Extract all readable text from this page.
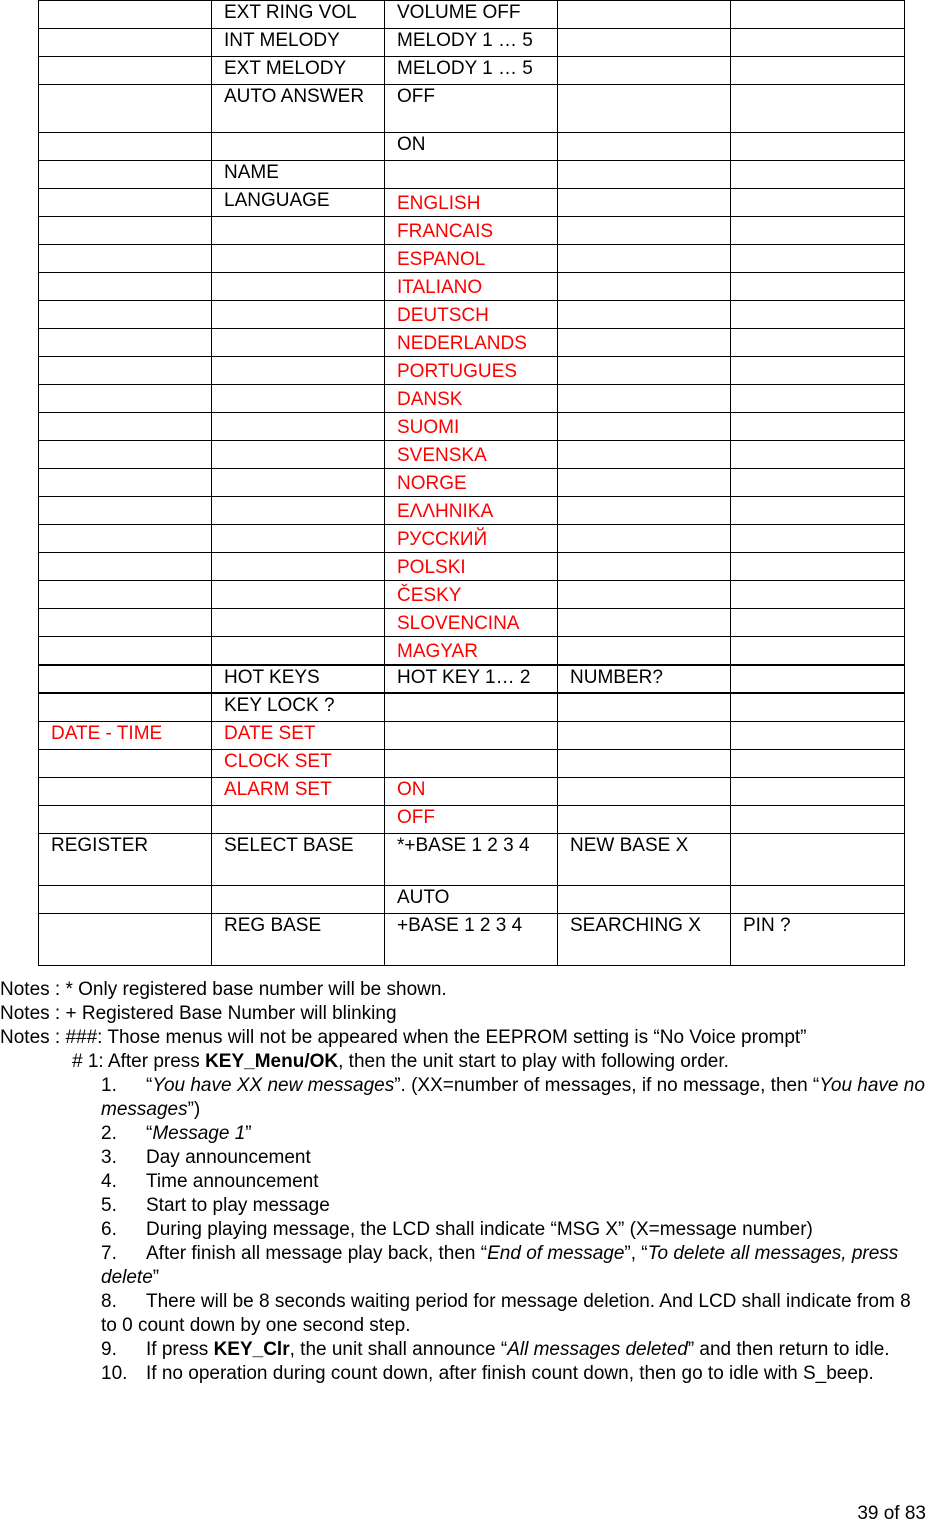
	EXT RING VOL	VOLUME OFF		
	INT MELODY	MELODY 1 … 5		
	EXT MELODY	MELODY 1 … 5		
	AUTO ANSWER	OFF		
		ON		
	NAME			
	LANGUAGE	ENGLISH		
		FRANCAIS		
		ESPANOL		
		ITALIANO		
		DEUTSCH		
		NEDERLANDS		
		PORTUGUES		
		DANSK		
		SUOMI		
		SVENSKA		
		NORGE		
		ΕΛΛΗΝΙΚΑ		
		РУССКИЙ		
		POLSKI		
		ČESKY		
		SLOVENCINA		
		MAGYAR		
	HOT KEYS	HOT KEY 1… 2	NUMBER?	
	KEY LOCK ?			
DATE - TIME	DATE SET			
	CLOCK SET			
	ALARM SET	ON		
		OFF		
REGISTER	SELECT BASE	*+BASE 1 2 3 4	NEW BASE X	
		AUTO		
	REG BASE	+BASE 1 2 3 4	SEARCHING X	PIN ?
Notes : * Only registered base number will be shown.
Notes : + Registered Base Number will blinking
Notes : ###: Those menus will not be appeared when the EEPROM setting is “No Voice prompt”
# 1: After press KEY_Menu/OK, then the unit start to play with following order.
1. “You have XX new messages”. (XX=number of messages, if no message, then “You have no messages”)
2. “Message 1”
3. Day announcement
4. Time announcement
5. Start to play message
6. During playing message, the LCD shall indicate “MSG X” (X=message number)
7. After finish all message play back, then “End of message”, “To delete all messages, press delete”
8. There will be 8 seconds waiting period for message deletion. And LCD shall indicate from 8 to 0 count down by one second step.
9. If press KEY_Clr, the unit shall announce “All messages deleted” and then return to idle.
10. If no operation during count down, after finish count down, then go to idle with S_beep.
39 of 83
